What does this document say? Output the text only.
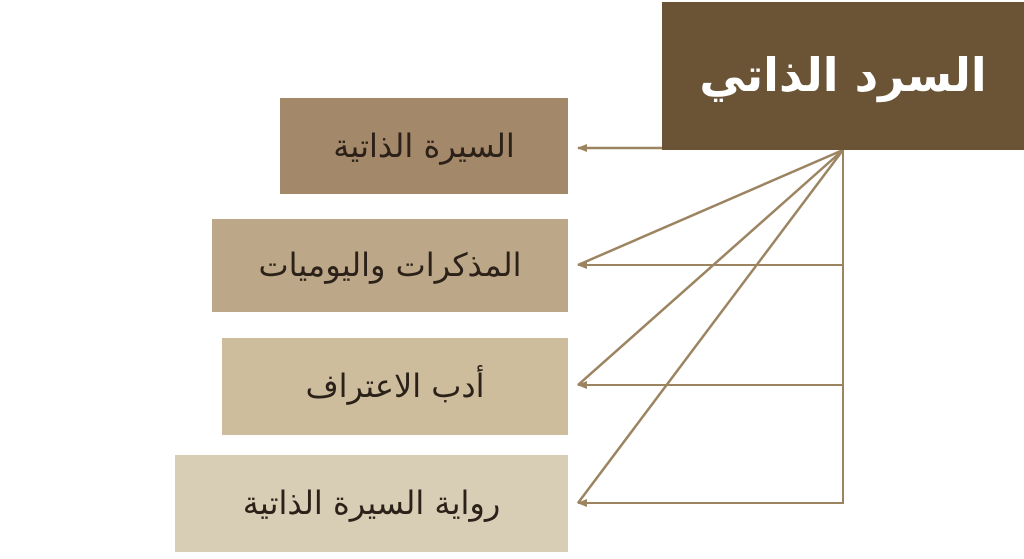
السرد الذاتي
السيرة الذاتية
المذكرات واليوميات
أدب الاعتراف
رواية السيرة الذاتية
